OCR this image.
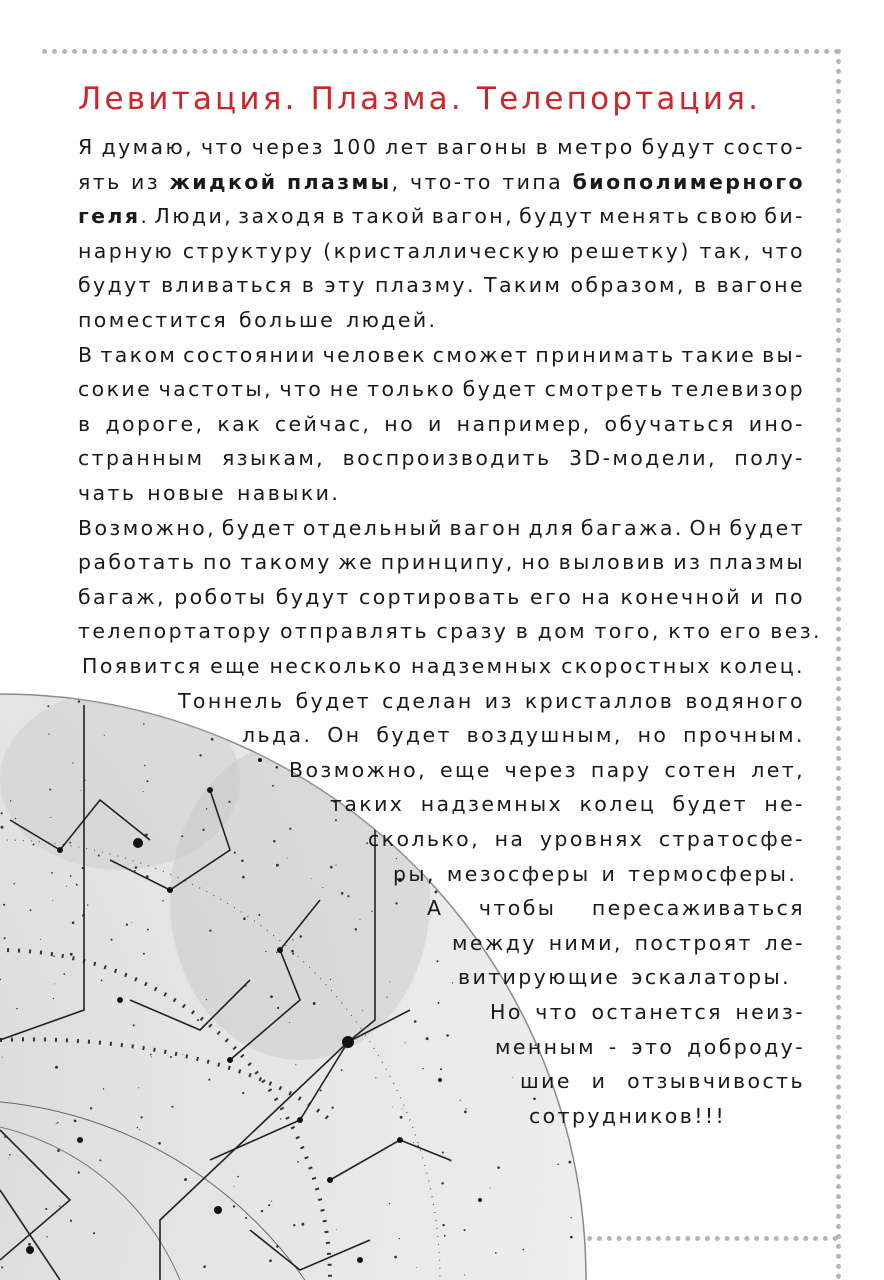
Левитация. Плазма. Телепортация.
Я думаю, что через 100 лет вагоны в метро будут состо-
ять из жидкой плазмы, что-то типа биополимерного
геля. Люди, заходя в такой вагон, будут менять свою би-
нарную структуру (кристаллическую решетку) так, что
будут вливаться в эту плазму. Таким образом, в вагоне
поместится
больше
людей.
В таком состоянии человек сможет принимать такие вы-
сокие частоты, что не только будет смотреть телевизор
в дороге, как сейчас, но и например, обучаться ино-
странным языкам, воспроизводить 3D-модели, полу-
чать
новые
навыки.
Возможно, будет отдельный вагон для багажа. Он будет
работать по такому же принципу, но выловив из плазмы
багаж, роботы будут сортировать его на конечной и по
телепортатору отправлять сразу в дом того, кто его вез.
Появится еще несколько надземных скоростных колец.
Тоннель будет сделан из кристаллов водяного
льда. Он будет воздушным, но прочным.
Возможно, еще через пару сотен лет,
таких надземных колец будет не-
сколько, на уровнях стратосфе-
ры,
мезосферы
и
термосферы.
А чтобы пересаживаться
между ними, построят ле-
витирующие
эскалаторы.
Но что останется неиз-
менным - это доброду-
шие и отзывчивость
сотрудников!!!
